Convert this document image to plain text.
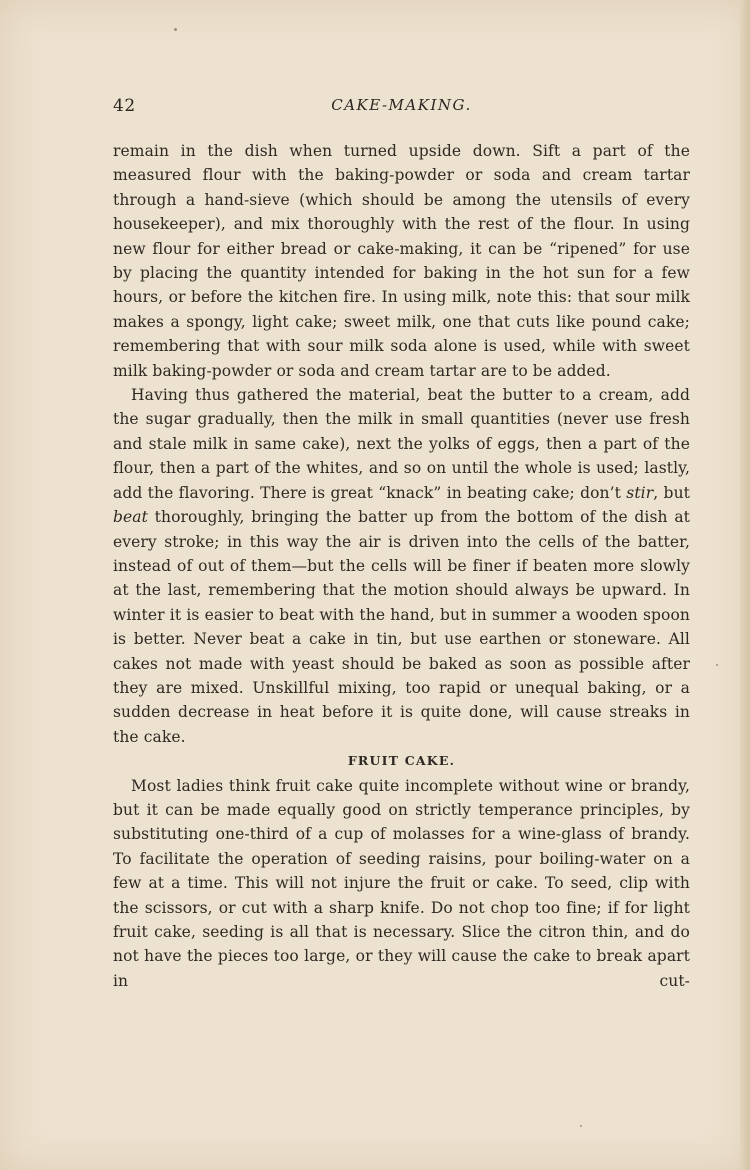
42	CAKE-MAKING.

remain in the dish when turned upside down. Sift a part of the measured flour with the baking-powder or soda and cream tartar through a hand-sieve (which should be among the utensils of every housekeeper), and mix thoroughly with the rest of the flour. In using new flour for either bread or cake-making, it can be “ripened” for use by placing the quantity intended for baking in the hot sun for a few hours, or before the kitchen fire. In using milk, note this: that sour milk makes a spongy, light cake; sweet milk, one that cuts like pound cake; remembering that with sour milk soda alone is used, while with sweet milk baking-powder or soda and cream tartar are to be added.

Having thus gathered the material, beat the butter to a cream, add the sugar gradually, then the milk in small quantities (never use fresh and stale milk in same cake), next the yolks of eggs, then a part of the flour, then a part of the whites, and so on until the whole is used; lastly, add the flavoring. There is great “knack” in beating cake; don’t stir, but beat thoroughly, bringing the batter up from the bottom of the dish at every stroke; in this way the air is driven into the cells of the batter, instead of out of them—but the cells will be finer if beaten more slowly at the last, remembering that the motion should always be upward. In winter it is easier to beat with the hand, but in summer a wooden spoon is better. Never beat a cake in tin, but use earthen or stoneware. All cakes not made with yeast should be baked as soon as possible after they are mixed. Unskillful mixing, too rapid or unequal baking, or a sudden decrease in heat before it is quite done, will cause streaks in the cake.

FRUIT CAKE.

Most ladies think fruit cake quite incomplete without wine or brandy, but it can be made equally good on strictly temperance principles, by substituting one-third of a cup of molasses for a wine-glass of brandy. To facilitate the operation of seeding raisins, pour boiling-water on a few at a time. This will not injure the fruit or cake. To seed, clip with the scissors, or cut with a sharp knife. Do not chop too fine; if for light fruit cake, seeding is all that is necessary. Slice the citron thin, and do not have the pieces too large, or they will cause the cake to break apart in cut-
